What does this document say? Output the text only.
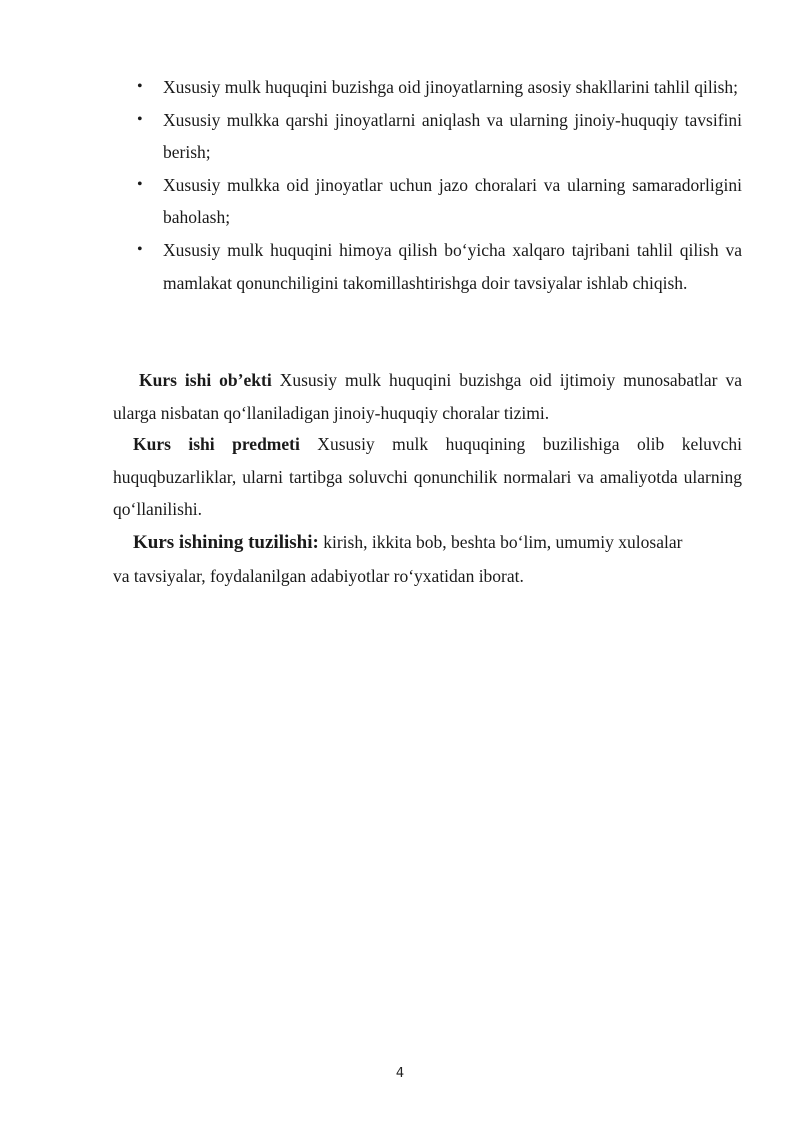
• Xususiy mulk huquqini buzishga oid jinoyatlarning asosiy shakllarini tahlil qilish;
• Xususiy mulkka qarshi jinoyatlarni aniqlash va ularning jinoiy-huquqiy tavsifini berish;
• Xususiy mulkka oid jinoyatlar uchun jazo choralari va ularning samaradorligini baholash;
• Xususiy mulk huquqini himoya qilish bo‘yicha xalqaro tajribani tahlil qilish va mamlakat qonunchiligini takomillashtirishga doir tavsiyalar ishlab chiqish.

Kurs ishi ob’ekti Xususiy mulk huquqini buzishga oid ijtimoiy munosabatlar va ularga nisbatan qo‘llaniladigan jinoiy-huquqiy choralar tizimi.

Kurs ishi predmeti Xususiy mulk huquqining buzilishiga olib keluvchi huquqbuzarliklar, ularni tartibga soluvchi qonunchilik normalari va amaliyotda ularning qo‘llanilishi.

Kurs ishining tuzilishi: kirish, ikkita bob, beshta bo‘lim, umumiy xulosalar
va tavsiyalar, foydalanilgan adabiyotlar ro‘yxatidan iborat.

4
